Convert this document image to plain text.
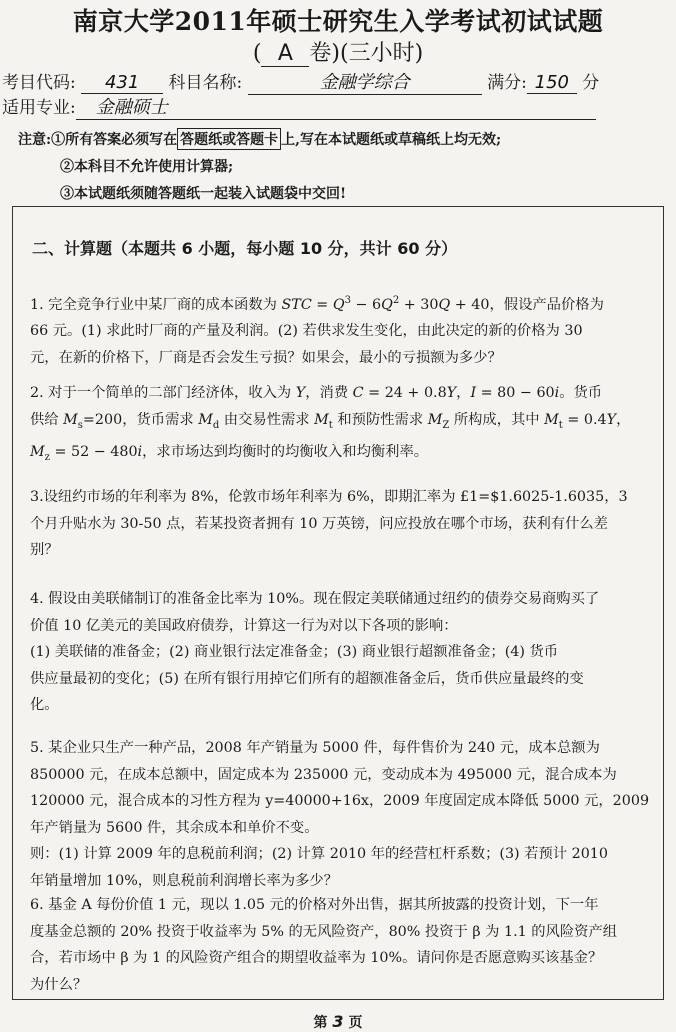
南京大学2011年硕士研究生入学考试初试试题
( A 卷)(三小时)
考目代码: 431 科目名称:	金融学综合	满分: 150 分
适用专业: 金融硕士
注意:①所有答案必须写在 答题纸或答题卡 上,写在本试题纸或草稿纸上均无效;
②本科目不允许使用计算器;
③本试题纸须随答题纸一起装入试题袋中交回!
二、计算题（本题共 6 小题，每小题 10 分，共计 60 分）
1. 完全竞争行业中某厂商的成本函数为 STC = $Q^3 - 6Q^2 + 30Q + 40$，假设产品价格为
66 元。(1) 求此时厂商的产量及利润。(2) 若供求发生变化，由此决定的新的价格为 30
元，在新的价格下，厂商是否会发生亏损？如果会，最小的亏损额为多少？
2. 对于一个简单的二部门经济体，收入为 Y，消费 C = 24 + 0.8Y，I = 80 − 60i。货币
供给 $M_s=200$，货币需求 $M_d$ 由交易性需求 $M_t$ 和预防性需求 $M_Z$ 所构成，其中 $M_t = 0.4Y$，
$M_z = 52 - 480i$，求市场达到均衡时的均衡收入和均衡利率。
3.设纽约市场的年利率为 8%，伦敦市场年利率为 6%，即期汇率为 £1=$1.6025-1.6035，3
个月升贴水为 30-50 点，若某投资者拥有 10 万英镑，问应投放在哪个市场，获利有什么差
别？
4. 假设由美联储制订的准备金比率为 10%。现在假定美联储通过纽约的债券交易商购买了
价值 10 亿美元的美国政府债券，计算这一行为对以下各项的影响：
(1) 美联储的准备金；(2) 商业银行法定准备金；(3) 商业银行超额准备金；(4) 货币
供应量最初的变化；(5) 在所有银行用掉它们所有的超额准备金后，货币供应量最终的变
化。
5. 某企业只生产一种产品，2008 年产销量为 5000 件，每件售价为 240 元，成本总额为
850000 元，在成本总额中，固定成本为 235000 元，变动成本为 495000 元，混合成本为
120000 元，混合成本的习性方程为 y=40000+16x，2009 年度固定成本降低 5000 元，2009
年产销量为 5600 件，其余成本和单价不变。
则：(1) 计算 2009 年的息税前利润；(2) 计算 2010 年的经营杠杆系数；(3) 若预计 2010
年销量增加 10%，则息税前利润增长率为多少？
6. 基金 A 每份价值 1 元，现以 1.05 元的价格对外出售，据其所披露的投资计划，下一年
度基金总额的 20% 投资于收益率为 5% 的无风险资产，80% 投资于 β 为 1.1 的风险资产组
合，若市场中 β 为 1 的风险资产组合的期望收益率为 10%。请问你是否愿意购买该基金？
为什么？
第 3 页
